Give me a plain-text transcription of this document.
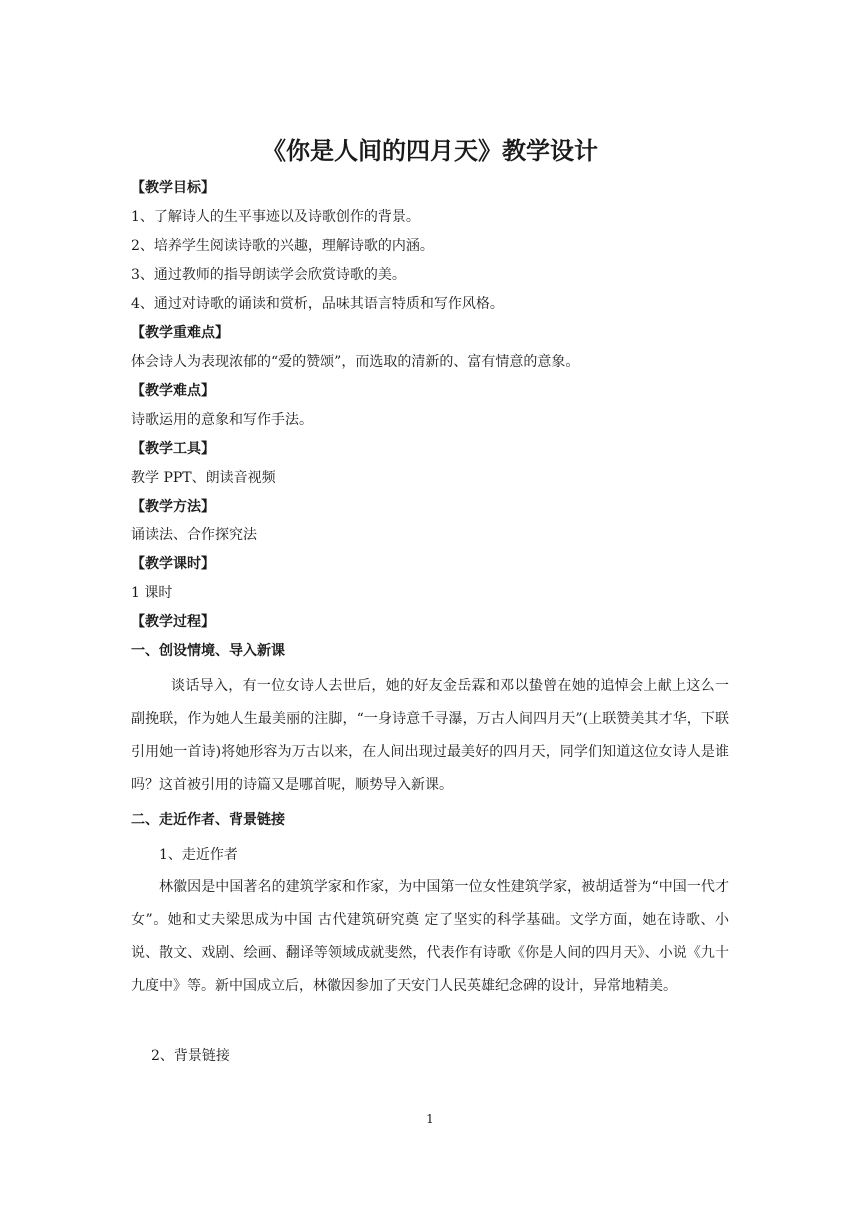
《你是人间的四月天》教学设计
【教学目标】
1、了解诗人的生平事迹以及诗歌创作的背景。
2、培养学生阅读诗歌的兴趣，理解诗歌的内涵。
3、通过教师的指导朗读学会欣赏诗歌的美。
4、通过对诗歌的诵读和赏析，品味其语言特质和写作风格。
【教学重难点】
体会诗人为表现浓郁的“爱的赞颂”，而选取的清新的、富有情意的意象。
【教学难点】
诗歌运用的意象和写作手法。
【教学工具】
教学 PPT、朗读音视频
【教学方法】
诵读法、合作探究法
【教学课时】
1 课时
【教学过程】
一、创设情境、导入新课
谈话导入，有一位女诗人去世后，她的好友金岳霖和邓以蛰曾在她的追悼会上献上这么一副挽联，作为她人生最美丽的注脚，“一身诗意千寻瀑，万古人间四月天”(上联赞美其才华，下联引用她一首诗)将她形容为万古以来，在人间出现过最美好的四月天，同学们知道这位女诗人是谁吗？这首被引用的诗篇又是哪首呢，顺势导入新课。
二、走近作者、背景链接
1、走近作者
林徽因是中国著名的建筑学家和作家，为中国第一位女性建筑学家，被胡适誉为“中国一代才女”。她和丈夫梁思成为中国 古代建筑研究奠 定了坚实的科学基础。文学方面，她在诗歌、小说、散文、戏剧、绘画、翻译等领域成就斐然，代表作有诗歌《你是人间的四月天》、小说《九十九度中》等。新中国成立后，林徽因参加了天安门人民英雄纪念碑的设计，异常地精美。
2、背景链接
1
